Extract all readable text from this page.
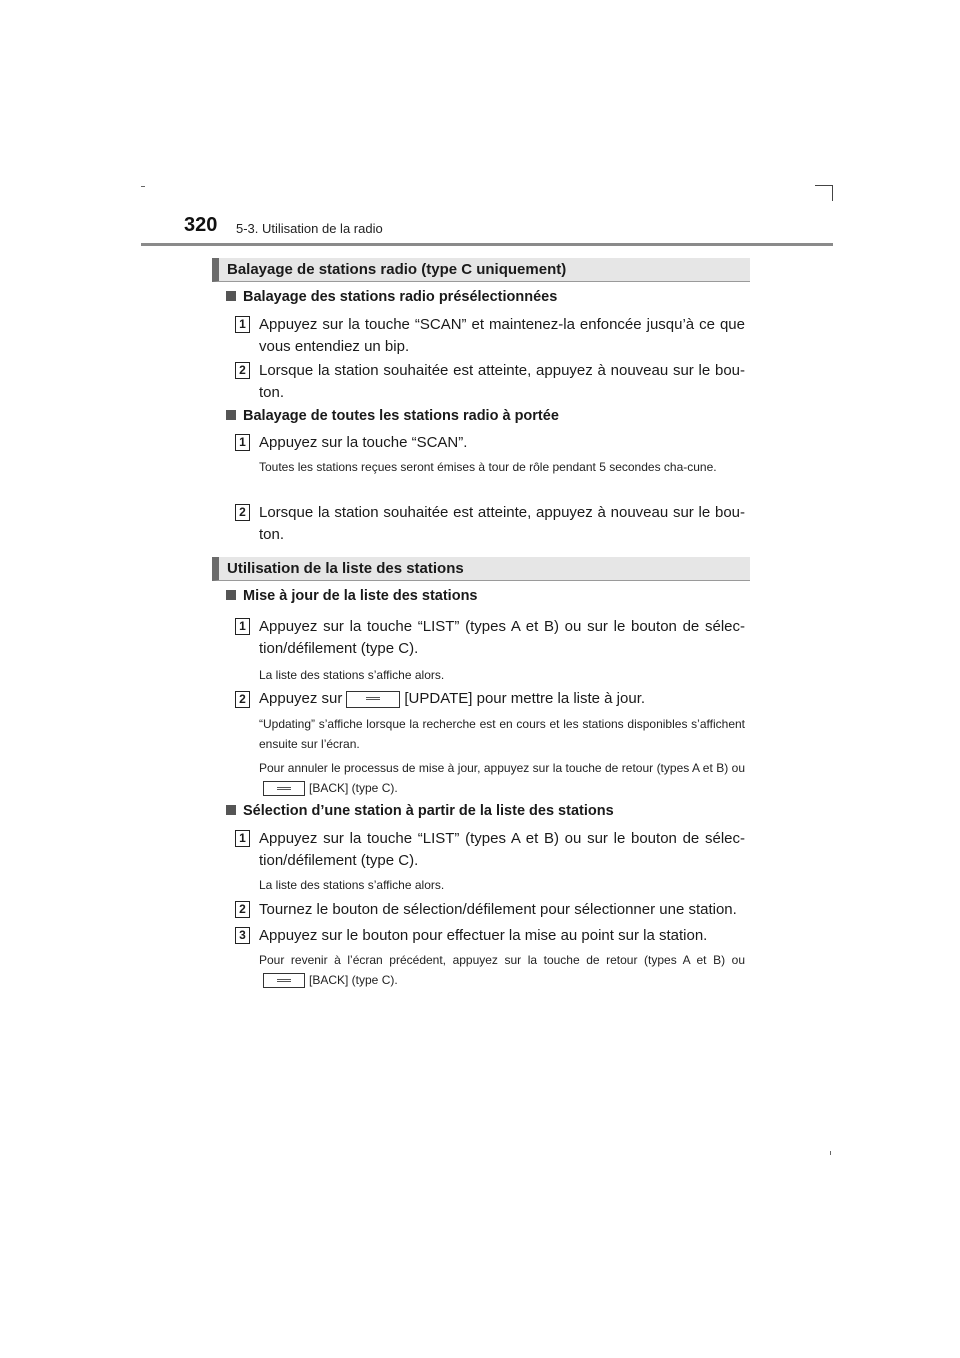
320 5-3. Utilisation de la radio
Balayage de stations radio (type C uniquement)
Balayage des stations radio présélectionnées
1 Appuyez sur la touche “SCAN” et maintenez-la enfoncée jusqu’à ce que vous entendiez un bip.
2 Lorsque la station souhaitée est atteinte, appuyez à nouveau sur le bou-ton.
Balayage de toutes les stations radio à portée
1 Appuyez sur la touche “SCAN”.
Toutes les stations reçues seront émises à tour de rôle pendant 5 secondes cha-cune.
2 Lorsque la station souhaitée est atteinte, appuyez à nouveau sur le bou-ton.
Utilisation de la liste des stations
Mise à jour de la liste des stations
1 Appuyez sur la touche “LIST” (types A et B) ou sur le bouton de sélec-tion/défilement (type C).
La liste des stations s’affiche alors.
2 Appuyez sur	[UPDATE] pour mettre la liste à jour.
“Updating” s’affiche lorsque la recherche est en cours et les stations disponibles s’affichent ensuite sur l’écran.
Pour annuler le processus de mise à jour, appuyez sur la touche de retour (types A et B) ou[BACK] (type C).
Sélection d’une station à partir de la liste des stations
1 Appuyez sur la touche “LIST” (types A et B) ou sur le bouton de sélec-tion/défilement (type C).
La liste des stations s’affiche alors.
2 Tournez le bouton de sélection/défilement pour sélectionner une station.
3 Appuyez sur le bouton pour effectuer la mise au point sur la station.
Pour revenir à l’écran précédent, appuyez sur la touche de retour (types A et B) ou[BACK] (type C).
